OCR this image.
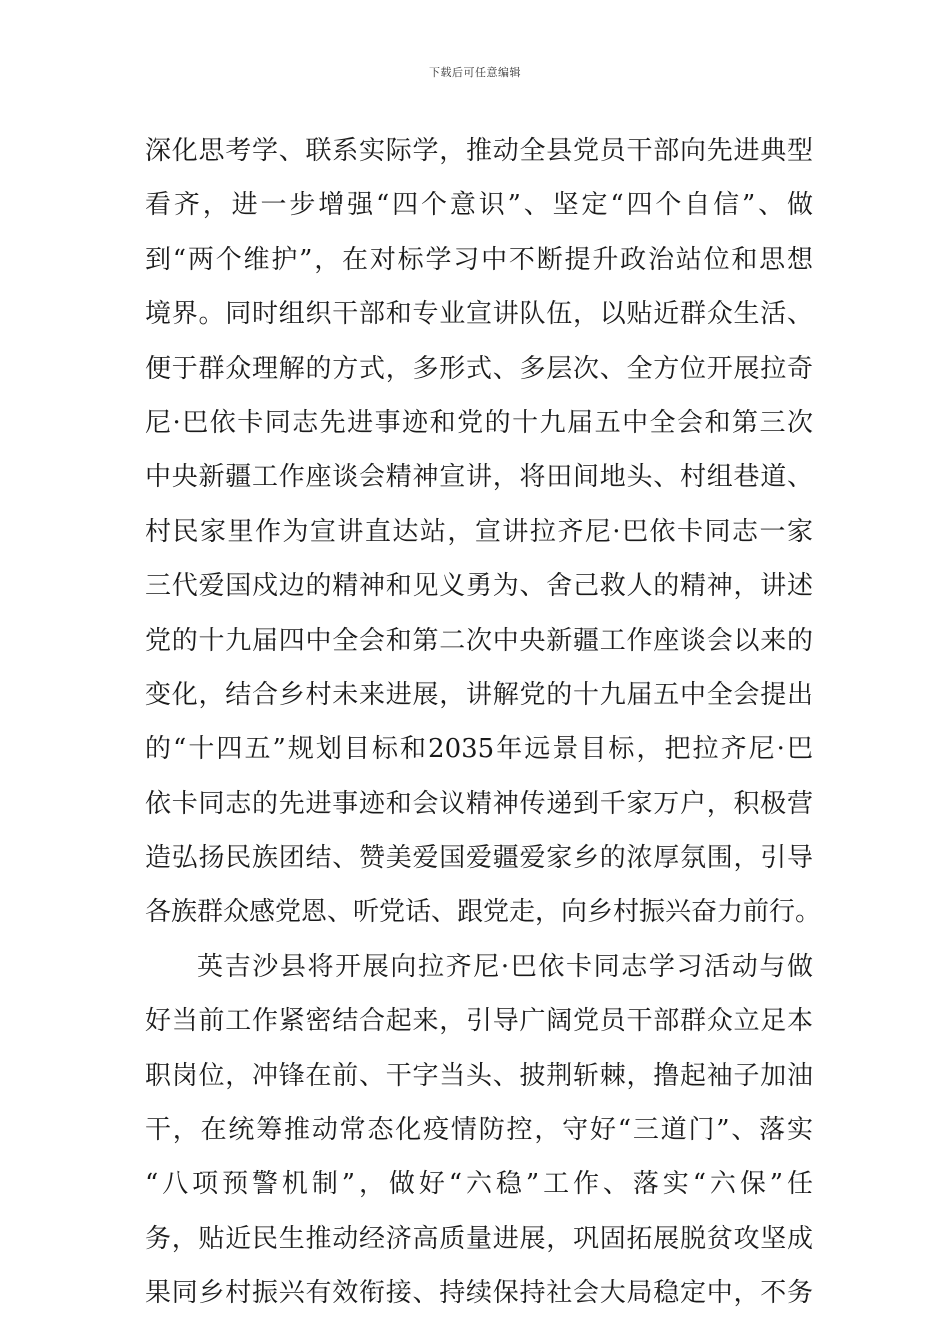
下载后可任意编辑
深化思考学、联系实际学，推动全县党员干部向先进典型
看齐，进一步增强“四个意识”、坚定“四个自信”、做
到“两个维护”，在对标学习中不断提升政治站位和思想
境界。同时组织干部和专业宣讲队伍，以贴近群众生活、
便于群众理解的方式，多形式、多层次、全方位开展拉奇
尼·巴依卡同志先进事迹和党的十九届五中全会和第三次
中央新疆工作座谈会精神宣讲，将田间地头、村组巷道、
村民家里作为宣讲直达站，宣讲拉齐尼·巴依卡同志一家
三代爱国戍边的精神和见义勇为、舍己救人的精神，讲述
党的十九届四中全会和第二次中央新疆工作座谈会以来的
变化，结合乡村未来进展，讲解党的十九届五中全会提出
的“十四五”规划目标和2035年远景目标，把拉齐尼·巴
依卡同志的先进事迹和会议精神传递到千家万户，积极营
造弘扬民族团结、赞美爱国爱疆爱家乡的浓厚氛围，引导
各族群众感党恩、听党话、跟党走，向乡村振兴奋力前行。
英吉沙县将开展向拉齐尼·巴依卡同志学习活动与做
好当前工作紧密结合起来，引导广阔党员干部群众立足本
职岗位，冲锋在前、干字当头、披荆斩棘，撸起袖子加油
干，在统筹推动常态化疫情防控，守好“三道门”、落实
“八项预警机制”，做好“六稳”工作、落实“六保”任
务，贴近民生推动经济高质量进展，巩固拓展脱贫攻坚成
果同乡村振兴有效衔接、持续保持社会大局稳定中，不务
